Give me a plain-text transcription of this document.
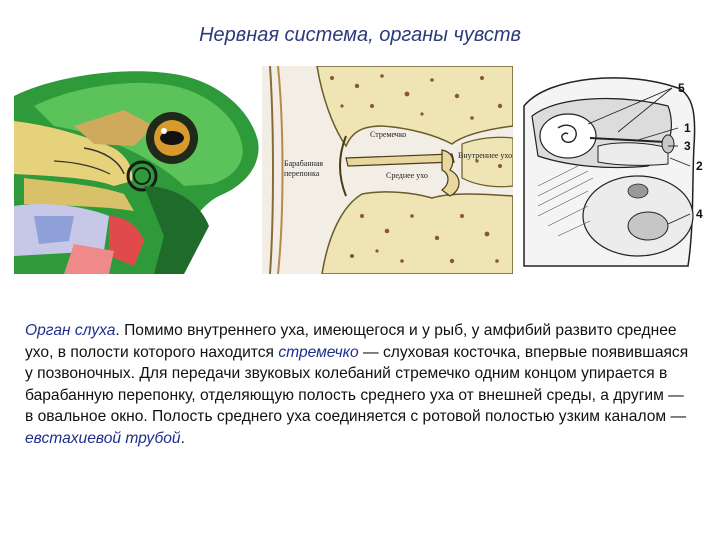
Нервная система, органы чувств
Стремечко
Барабанная перепонка
Внутреннее ухо
Среднее ухо
5
1
3
2
4

Орган слуха. Помимо внутреннего уха, имеющегося и у рыб, у амфибий развито среднее ухо, в полости которого находится стремечко — слуховая косточка, впервые появившаяся у позвоночных. Для передачи звуковых колебаний стремечко одним концом упирается в барабанную перепонку, отделяющую полость среднего уха от внешней среды, а другим — в овальное окно. Полость среднего уха соединяется с ротовой полостью узким каналом — евстахиевой трубой.
